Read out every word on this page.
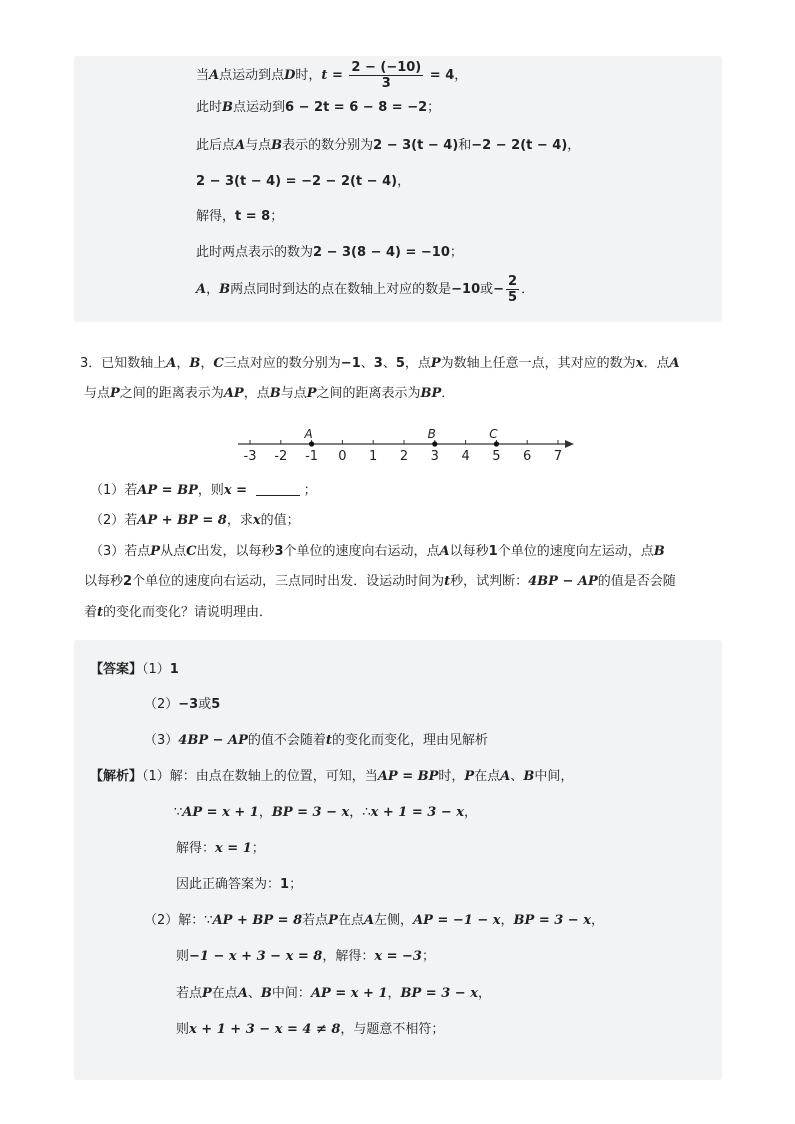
当A点运动到点D时，$t = \frac{2 - (-10)}{3} = 4$，
此时B点运动到6 − 2t = 6 − 8 = −2；
此后点A与点B表示的数分别为2 − 3(t − 4)和−2 − 2(t − 4)，
2 − 3(t − 4) = −2 − 2(t − 4)，
解得，t = 8；
此时两点表示的数为2 − 3(8 − 4) = −10；
A，B两点同时到达的点在数轴上对应的数是−10或− $\frac{2}{5}$ ．
3．已知数轴上A，B，C三点对应的数分别为−1、3、5，点P为数轴上任意一点，其对应的数为x．点A
与点P之间的距离表示为AP，点B与点P之间的距离表示为BP．
-3 -2 -1 0 1 2 3 4 5 6 7
A	B	C
（1）若AP = BP，则x =	；
（2）若AP + BP = 8，求x的值；
（3）若点P从点C出发，以每秒3个单位的速度向右运动，点A以每秒1个单位的速度向左运动，点B
以每秒2个单位的速度向右运动，三点同时出发．设运动时间为t秒，试判断：4BP − AP的值是否会随
着t的变化而变化？请说明理由．
【答案】（1）1
（2）−3或5
（3）4BP − AP的值不会随着t的变化而变化，理由见解析
【解析】（1）解：由点在数轴上的位置，可知，当AP = BP时，P在点A、B中间，
∵AP = x + 1，BP = 3 − x，∴x + 1 = 3 − x，
解得：x = 1；
因此正确答案为：1；
（2）解：∵AP + BP = 8若点P在点A左侧，AP = −1 − x，BP = 3 − x，
则−1 − x + 3 − x = 8，解得：x = −3；
若点P在点A、B中间：AP = x + 1，BP = 3 − x，
则x + 1 + 3 − x = 4 ≠ 8，与题意不相符；
